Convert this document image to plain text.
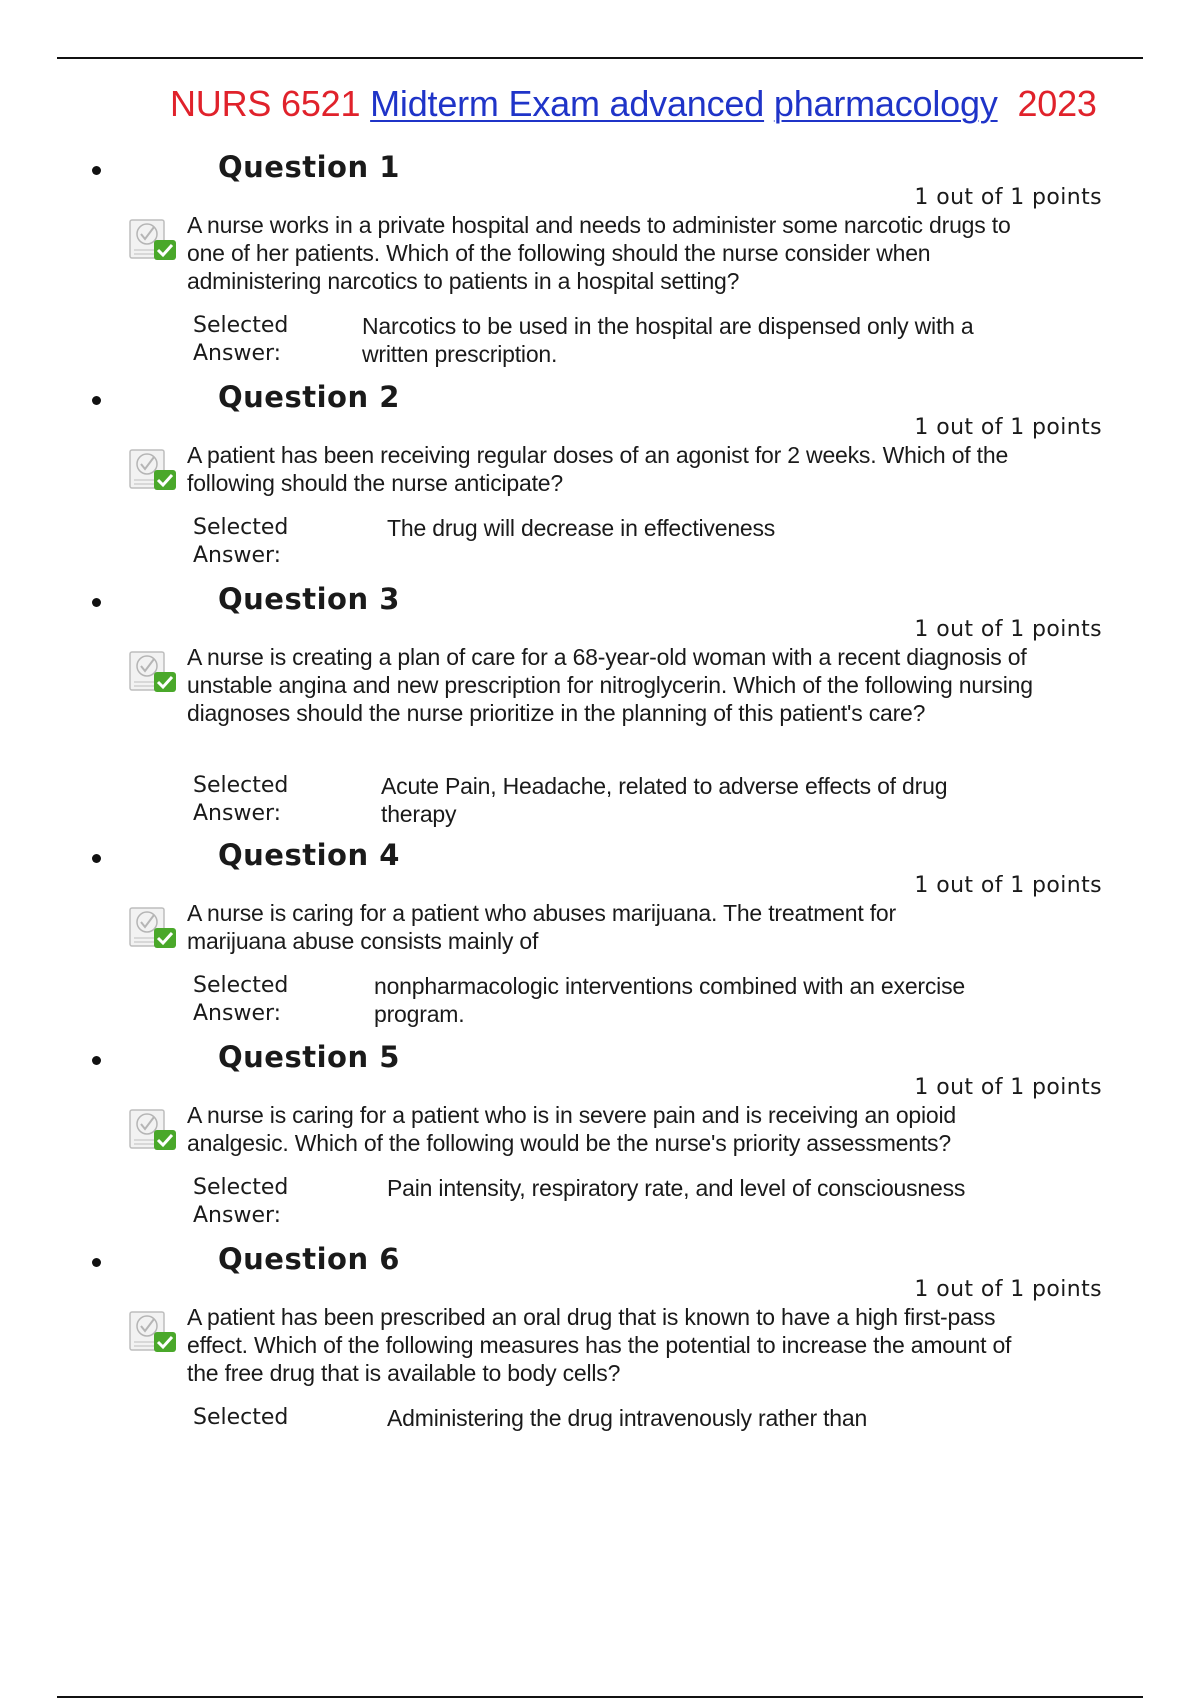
NURS 6521 Midterm Exam advanced pharmacology 2023
Question 1
1 out of 1 points
A nurse works in a private hospital and needs to administer some narcotic drugs to one of her patients. Which of the following should the nurse consider when administering narcotics to patients in a hospital setting?
Selected
Answer:
Narcotics to be used in the hospital are dispensed only with a written prescription.
Question 2
1 out of 1 points
A patient has been receiving regular doses of an agonist for 2 weeks. Which of the following should the nurse anticipate?
Selected
Answer:
The drug will decrease in effectiveness
Question 3
1 out of 1 points
A nurse is creating a plan of care for a 68-year-old woman with a recent diagnosis of unstable angina and new prescription for nitroglycerin. Which of the following nursing diagnoses should the nurse prioritize in the planning of this patient's care?
Selected
Answer:
Acute Pain, Headache, related to adverse effects of drug therapy
Question 4
1 out of 1 points
A nurse is caring for a patient who abuses marijuana. The treatment for marijuana abuse consists mainly of
Selected
Answer:
nonpharmacologic interventions combined with an exercise program.
Question 5
1 out of 1 points
A nurse is caring for a patient who is in severe pain and is receiving an opioid analgesic. Which of the following would be the nurse's priority assessments?
Selected
Answer:
Pain intensity, respiratory rate, and level of consciousness
Question 6
1 out of 1 points
A patient has been prescribed an oral drug that is known to have a high first-pass effect. Which of the following measures has the potential to increase the amount of the free drug that is available to body cells?
Selected	Administering the drug intravenously rather than
